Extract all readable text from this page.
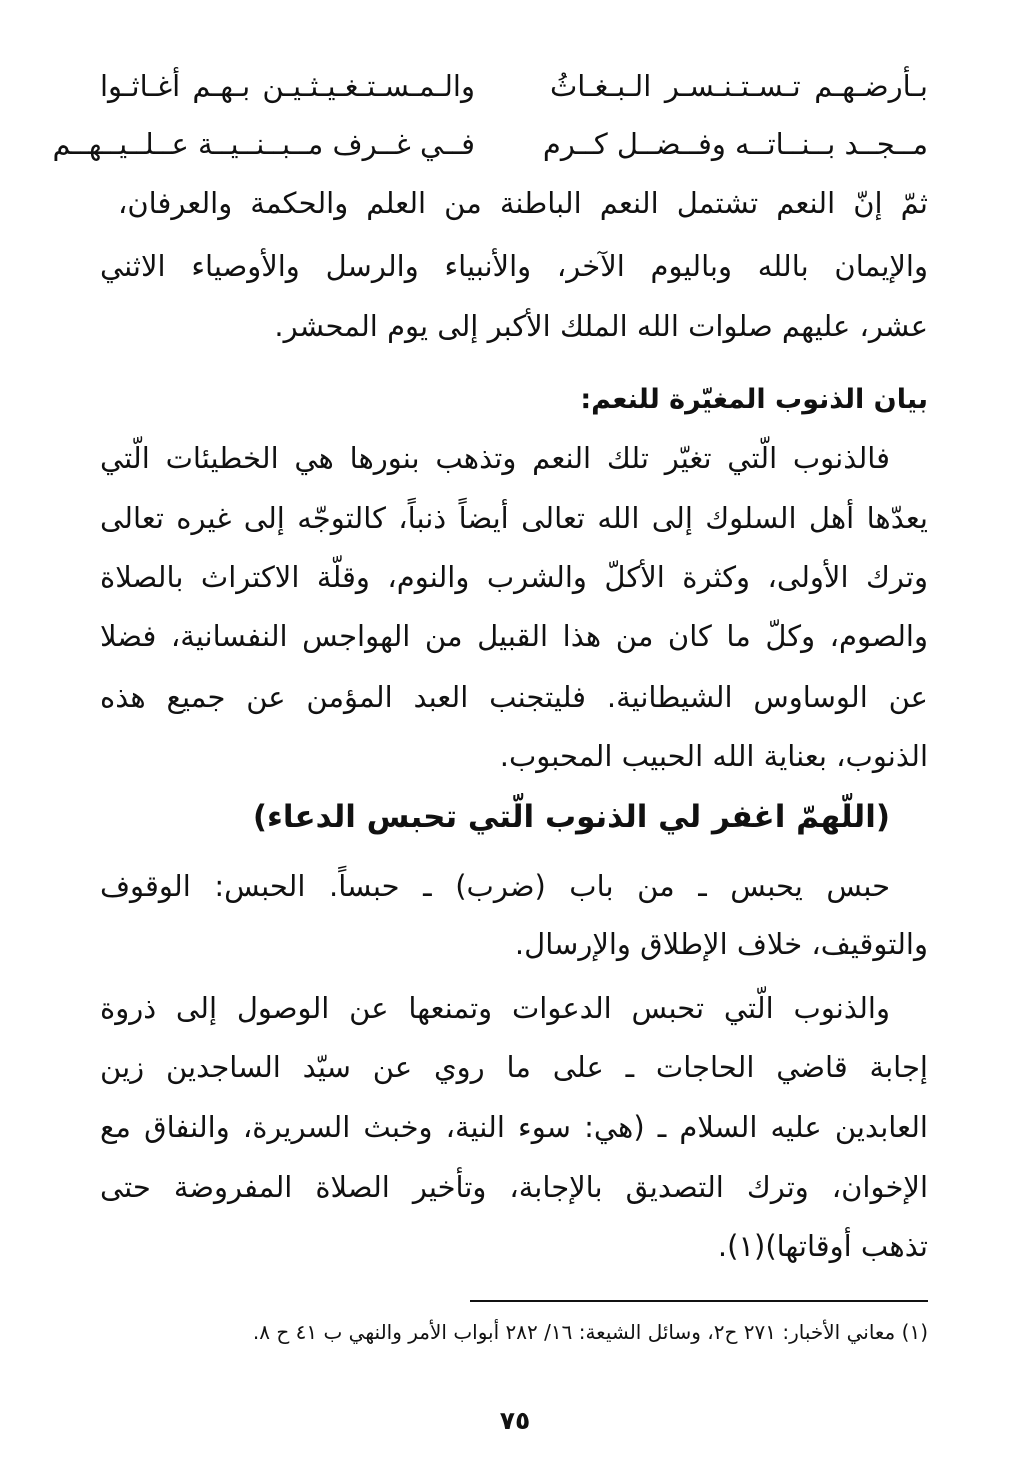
بـأرضـهـم تـسـتـنـسـر الـبـغـاثُ
والـمـسـتـغـيـثـيـن بـهـم أغـاثـوا
مــجــد بــنــاتــه وفــضــل كــرم
فــي غــرف مــبــنــيــة عــلــيــهــم
ثمّ إنّ النعم تشتمل النعم الباطنة من العلم والحكمة والعرفان،
والإيمان بالله وباليوم الآخر، والأنبياء والرسل والأوصياء الاثني
عشر، عليهم صلوات الله الملك الأكبر إلى يوم المحشر.
بيان الذنوب المغيّرة للنعم:
فالذنوب الّتي تغيّر تلك النعم وتذهب بنورها هي الخطيئات الّتي
يعدّها أهل السلوك إلى الله تعالى أيضاً ذنباً، كالتوجّه إلى غيره تعالى
وترك الأولى، وكثرة الأكلّ والشرب والنوم، وقلّة الاكتراث بالصلاة
والصوم، وكلّ ما كان من هذا القبيل من الهواجس النفسانية، فضلا
عن الوساوس الشيطانية. فليتجنب العبد المؤمن عن جميع هذه
الذنوب، بعناية الله الحبيب المحبوب.
(اللّهمّ اغفر لي الذنوب الّتي تحبس الدعاء)
حبس يحبس ـ من باب (ضرب) ـ حبساً. الحبس: الوقوف
والتوقيف، خلاف الإطلاق والإرسال.
والذنوب الّتي تحبس الدعوات وتمنعها عن الوصول إلى ذروة
إجابة قاضي الحاجات ـ على ما روي عن سيّد الساجدين زين
العابدين عليه السلام ـ (هي: سوء النية، وخبث السريرة، والنفاق مع
الإخوان، وترك التصديق بالإجابة، وتأخير الصلاة المفروضة حتى
تذهب أوقاتها)(١).
(١) معاني الأخبار: ٢٧١ ح٢، وسائل الشيعة: ١٦/ ٢٨٢ أبواب الأمر والنهي ب ٤١ ح ٨.
٧٥
